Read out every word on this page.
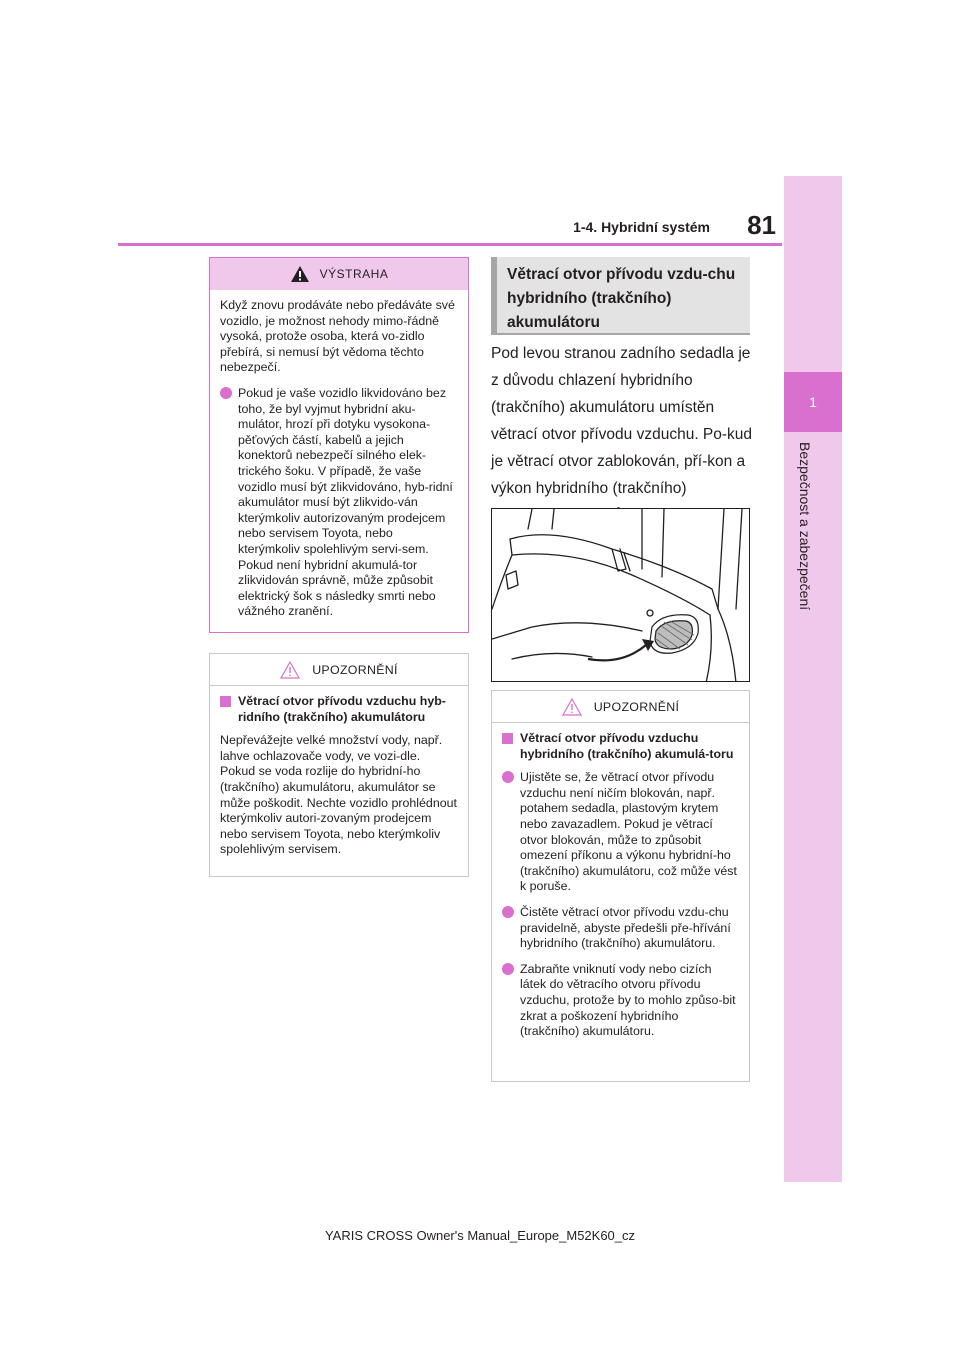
1
Bezpečnost a zabezpečení
1-4. Hybridní systém	81
VÝSTRAHA

Když znovu prodáváte nebo předáváte své vozidlo, je možnost nehody mimo-řádně vysoká, protože osoba, která vo-zidlo přebírá, si nemusí být vědoma těchto nebezpečí.

Pokud je vaše vozidlo likvidováno bez toho, že byl vyjmut hybridní aku-mulátor, hrozí při dotyku vysokona-pěťových částí, kabelů a jejich konektorů nebezpečí silného elek-trického šoku. V případě, že vaše vozidlo musí být zlikvidováno, hyb-ridní akumulátor musí být zlikvido-ván kterýmkoliv autorizovaným prodejcem nebo servisem Toyota, nebo kterýmkoliv spolehlivým servi-sem. Pokud není hybridní akumulá-tor zlikvidován správně, může způsobit elektrický šok s následky smrti nebo vážného zranění.
UPOZORNĚNÍ
Větrací otvor přívodu vzduchu hyb-ridního (trakčního) akumulátoru

Nepřevážejte velké množství vody, např. lahve ochlazovače vody, ve vozi-dle. Pokud se voda rozlije do hybridní-ho (trakčního) akumulátoru, akumulátor se může poškodit. Nechte vozidlo prohlédnout kterýmkoliv autori-zovaným prodejcem nebo servisem Toyota, nebo kterýmkoliv spolehlivým servisem.

Větrací otvor přívodu vzdu-chu hybridního (trakčního) akumulátoru
Pod levou stranou zadního sedadla je z důvodu chlazení hybridního (trakčního) akumulátoru umístěn větrací otvor přívodu vzduchu. Po-kud je větrací otvor zablokován, pří-kon a výkon hybridního (trakčního)
UPOZORNĚNÍ
Větrací otvor přívodu vzduchu hybridního (trakčního) akumulá-toru
Ujistěte se, že větrací otvor přívodu vzduchu není ničím blokován, např. potahem sedadla, plastovým krytem nebo zavazadlem. Pokud je větrací otvor blokován, může to způsobit omezení příkonu a výkonu hybridní-ho (trakčního) akumulátoru, což může vést k poruše.
Čistěte větrací otvor přívodu vzdu-chu pravidelně, abyste předešli pře-hřívání hybridního (trakčního) akumulátoru.
Zabraňte vniknutí vody nebo cizích látek do větracího otvoru přívodu vzduchu, protože by to mohlo způso-bit zkrat a poškození hybridního (trakčního) akumulátoru.
YARIS CROSS Owner's Manual_Europe_M52K60_cz
